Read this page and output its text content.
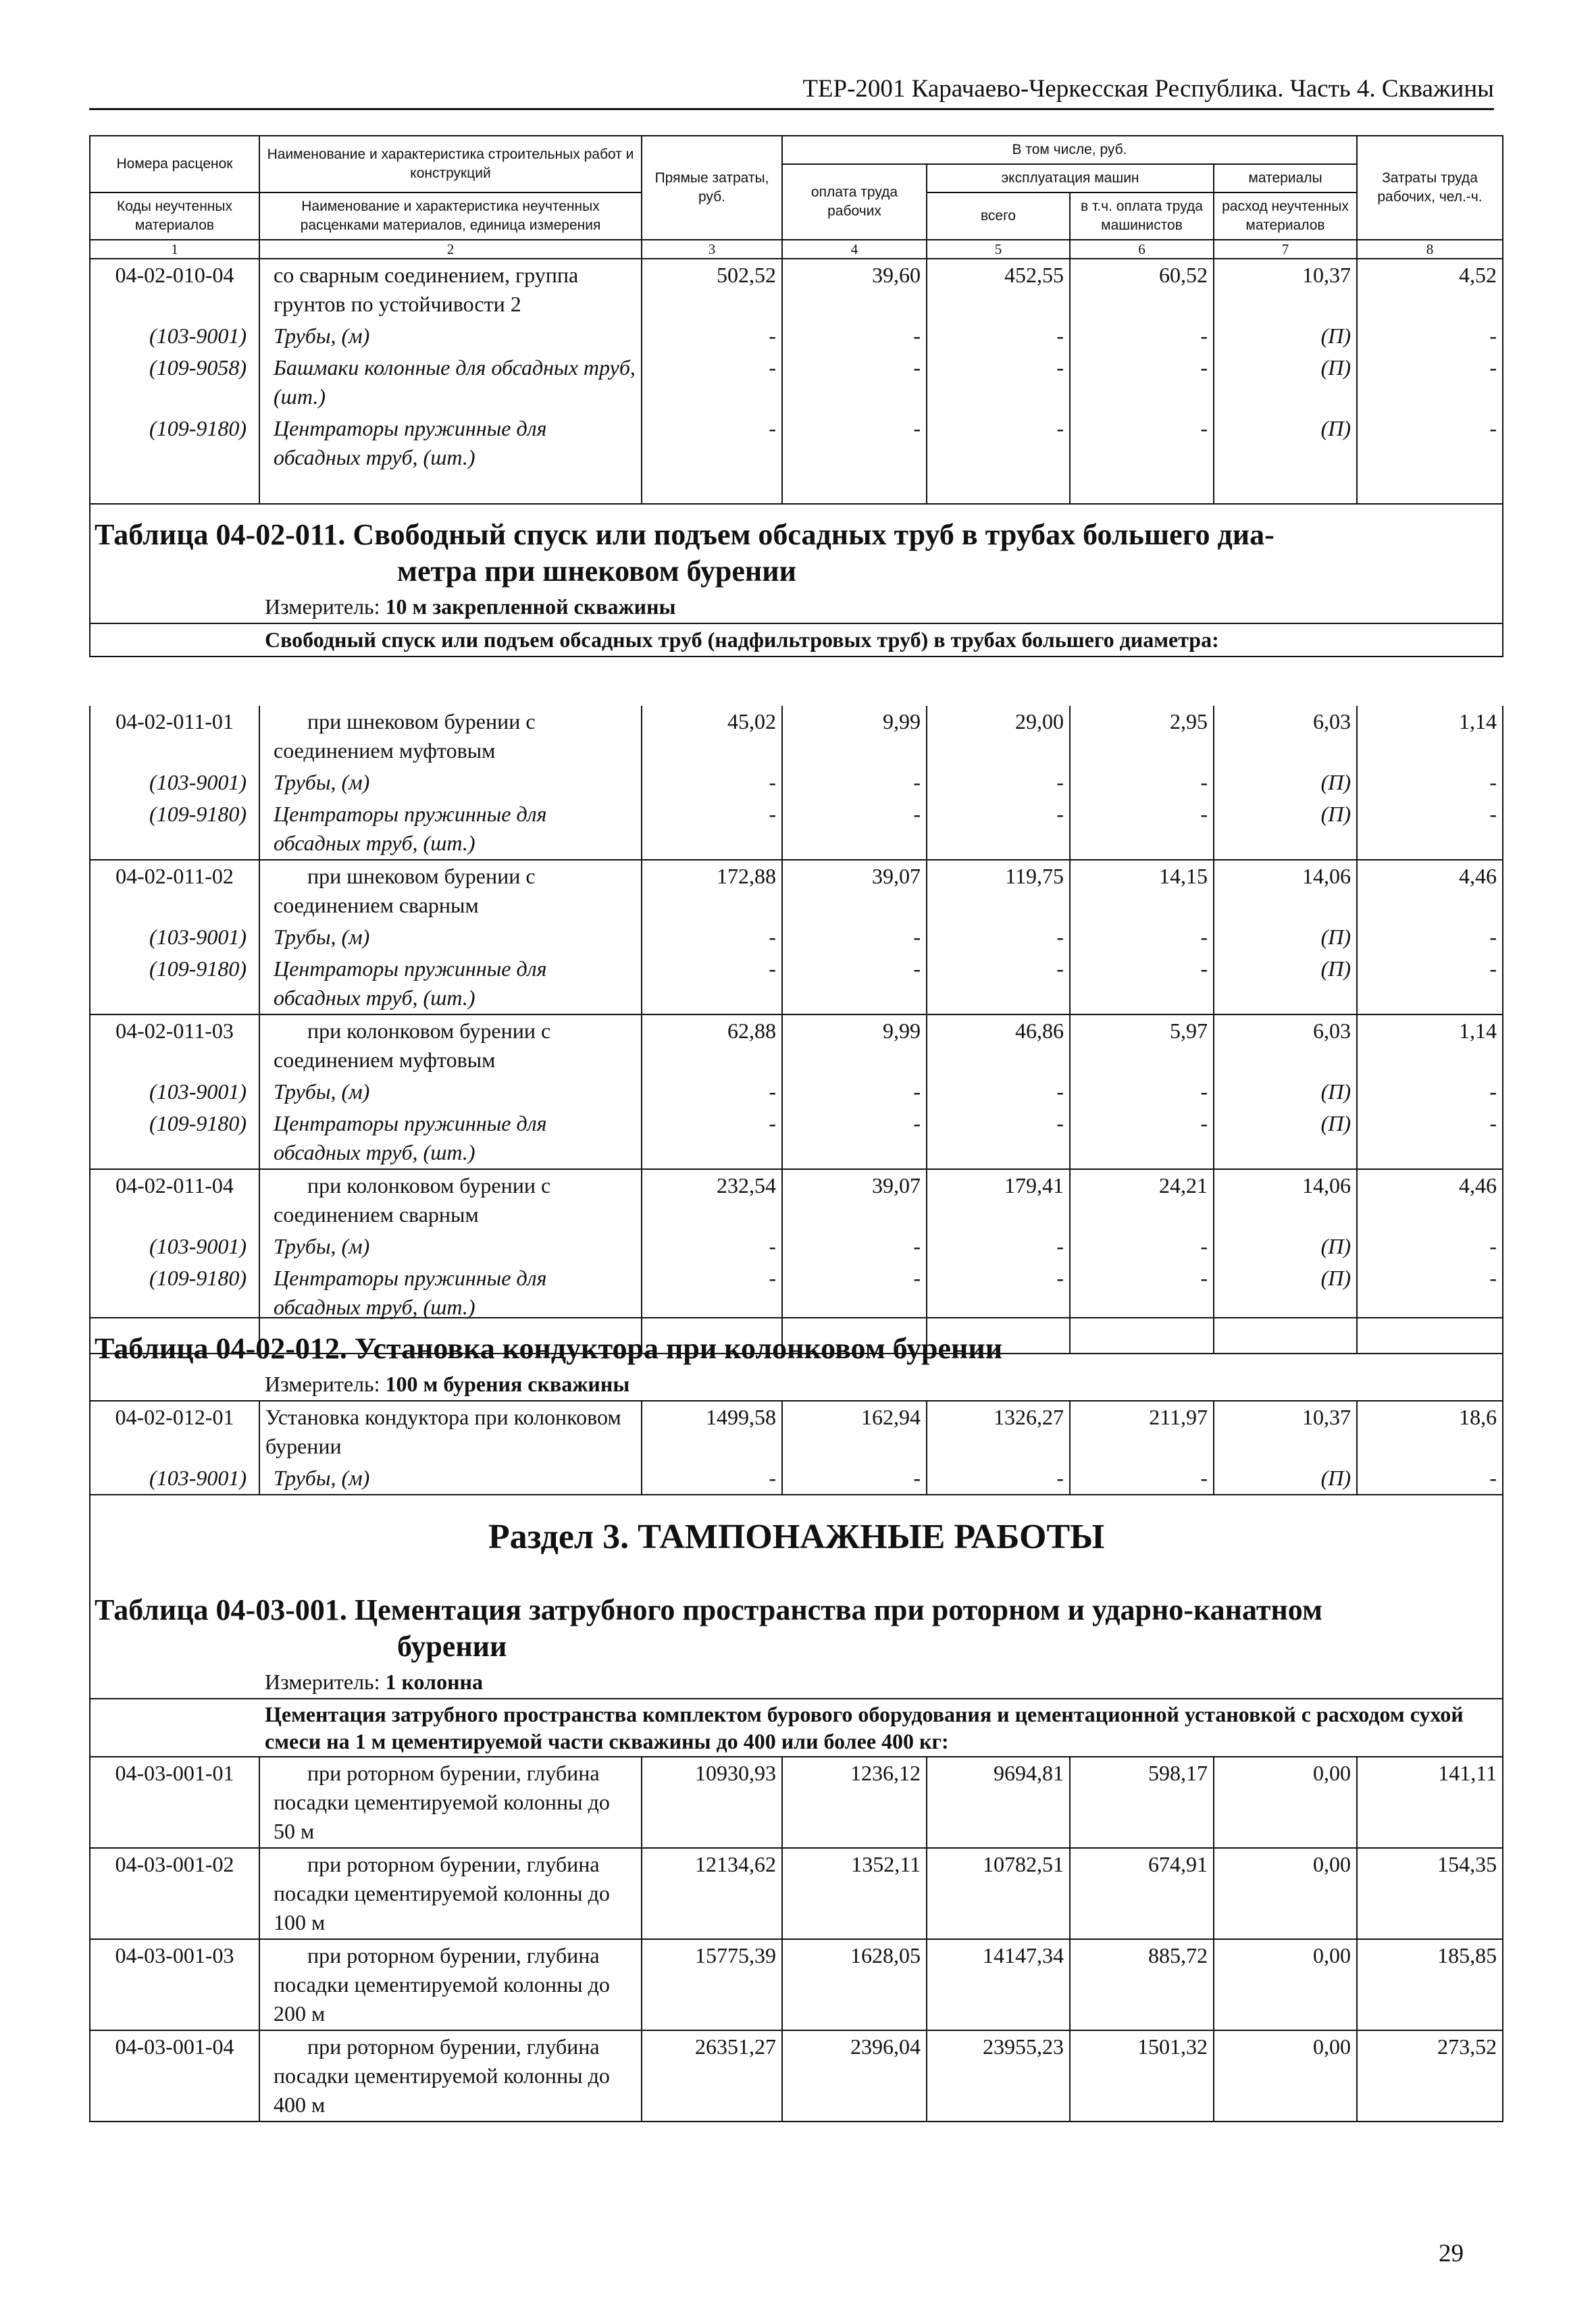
ТЕР-2001 Карачаево-Черкесская Республика. Часть 4. Скважины
Номера расценок	Наименование и характеристика строительных работ и конструкций	Прямые затраты, руб.	В том числе, руб.				Затраты труда рабочих, чел.-ч.
			оплата труда рабочих	эксплуатация машин		материалы	
Коды неучтенных материалов	Наименование и характеристика неучтенных расценками материалов, единица измерения			всего	в т.ч. оплата труда машинистов	расход неучтенных материалов	

1	2	3	4	5	6	7	8
04-02-010-04	со сварным соединением, группа грунтов по устойчивости 2	502,52	39,60	452,55	60,52	10,37	4,52
(103-9001)	Трубы, (м)	-	-	-	-	(П)	-
(109-9058)	Башмаки колонные для обсадных труб, (шт.)	-	-	-	-	(П)	-
(109-9180)	Центраторы пружинные для обсадных труб, (шт.)	-	-	-	-	(П)	-

Таблица 04-02-011. Свободный спуск или подъем обсадных труб в трубах большего диа-
метра при шнековом бурении							

Измеритель: 10 м закрепленной скважины							
Свободный спуск или подъем обсадных труб (надфильтровых труб) в трубах большего диаметра:							
04-02-011-01	при шнековом бурении с соединением муфтовым	45,02	9,99	29,00	2,95	6,03	1,14
(103-9001)	Трубы, (м)	-	-	-	-	(П)	-
(109-9180)	Центраторы пружинные для обсадных труб, (шт.)	-	-	-	-	(П)	-
04-02-011-02	при шнековом бурении с соединением сварным	172,88	39,07	119,75	14,15	14,06	4,46
(103-9001)	Трубы, (м)	-	-	-	-	(П)	-
(109-9180)	Центраторы пружинные для обсадных труб, (шт.)	-	-	-	-	(П)	-
04-02-011-03	при колонковом бурении с соединением муфтовым	62,88	9,99	46,86	5,97	6,03	1,14
(103-9001)	Трубы, (м)	-	-	-	-	(П)	-
(109-9180)	Центраторы пружинные для обсадных труб, (шт.)	-	-	-	-	(П)	-
04-02-011-04	при колонковом бурении с соединением сварным	232,54	39,07	179,41	24,21	14,06	4,46
(103-9001)	Трубы, (м)	-	-	-	-	(П)	-
(109-9180)	Центраторы пружинные для обсадных труб, (шт.)	-	-	-	-	(П)	-

Таблица 04-02-012. Установка кондуктора при колонковом бурении							
Измеритель: 100 м бурения скважины							
04-02-012-01	Установка кондуктора при колонковом бурении	1499,58	162,94	1326,27	211,97	10,37	18,6
(103-9001)	Трубы, (м)	-	-	-	-	(П)	-
Раздел 3. ТАМПОНАЖНЫЕ РАБОТЫ							
Таблица 04-03-001. Цементация затрубного пространства при роторном и ударно-канатном
бурении							

Измеритель: 1 колонна							
Цементация затрубного пространства комплектом бурового оборудования и цементационной установкой с расходом сухой смеси на 1 м цементируемой части скважины до 400 или более 400 кг:							
04-03-001-01	при роторном бурении, глубина посадки цементируемой колонны до 50 м	10930,93	1236,12	9694,81	598,17	0,00	141,11
04-03-001-02	при роторном бурении, глубина посадки цементируемой колонны до 100 м	12134,62	1352,11	10782,51	674,91	0,00	154,35
04-03-001-03	при роторном бурении, глубина посадки цементируемой колонны до 200 м	15775,39	1628,05	14147,34	885,72	0,00	185,85
04-03-001-04	при роторном бурении, глубина посадки цементируемой колонны до 400 м	26351,27	2396,04	23955,23	1501,32	0,00	273,52

29
